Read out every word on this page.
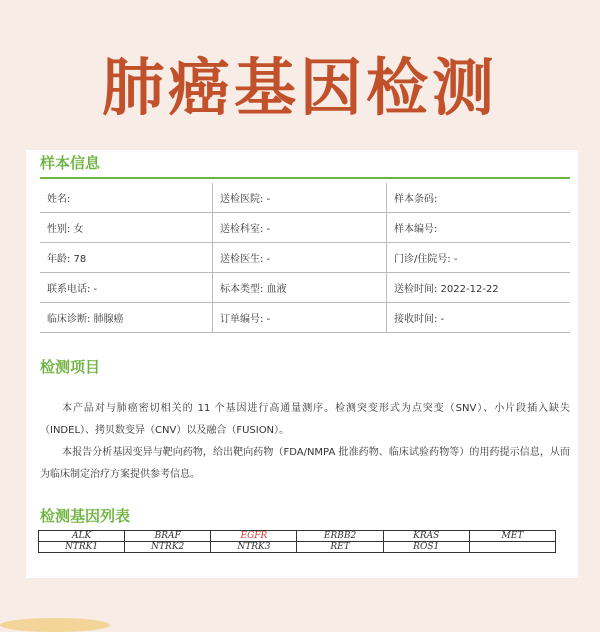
肺癌基因检测
样本信息
姓名:	送检医院: -	样本条码:
性别: 女	送检科室: -	样本编号:
年龄: 78	送检医生: -	门诊/住院号: -
联系电话: -	标本类型: 血液	送检时间: 2022-12-22
临床诊断: 肺腺癌	订单编号: -	接收时间: -
检测项目
本产品对与肺癌密切相关的 11 个基因进行高通量测序。检测突变形式为点突变（SNV）、小片段插入缺失（INDEL）、拷贝数变异（CNV）以及融合（FUSION）。
本报告分析基因变异与靶向药物，给出靶向药物（FDA/NMPA 批准药物、临床试验药物等）的用药提示信息，从而为临床制定治疗方案提供参考信息。
检测基因列表
ALK	BRAF	EGFR	ERBB2	KRAS	MET
NTRK1	NTRK2	NTRK3	RET	ROS1	
